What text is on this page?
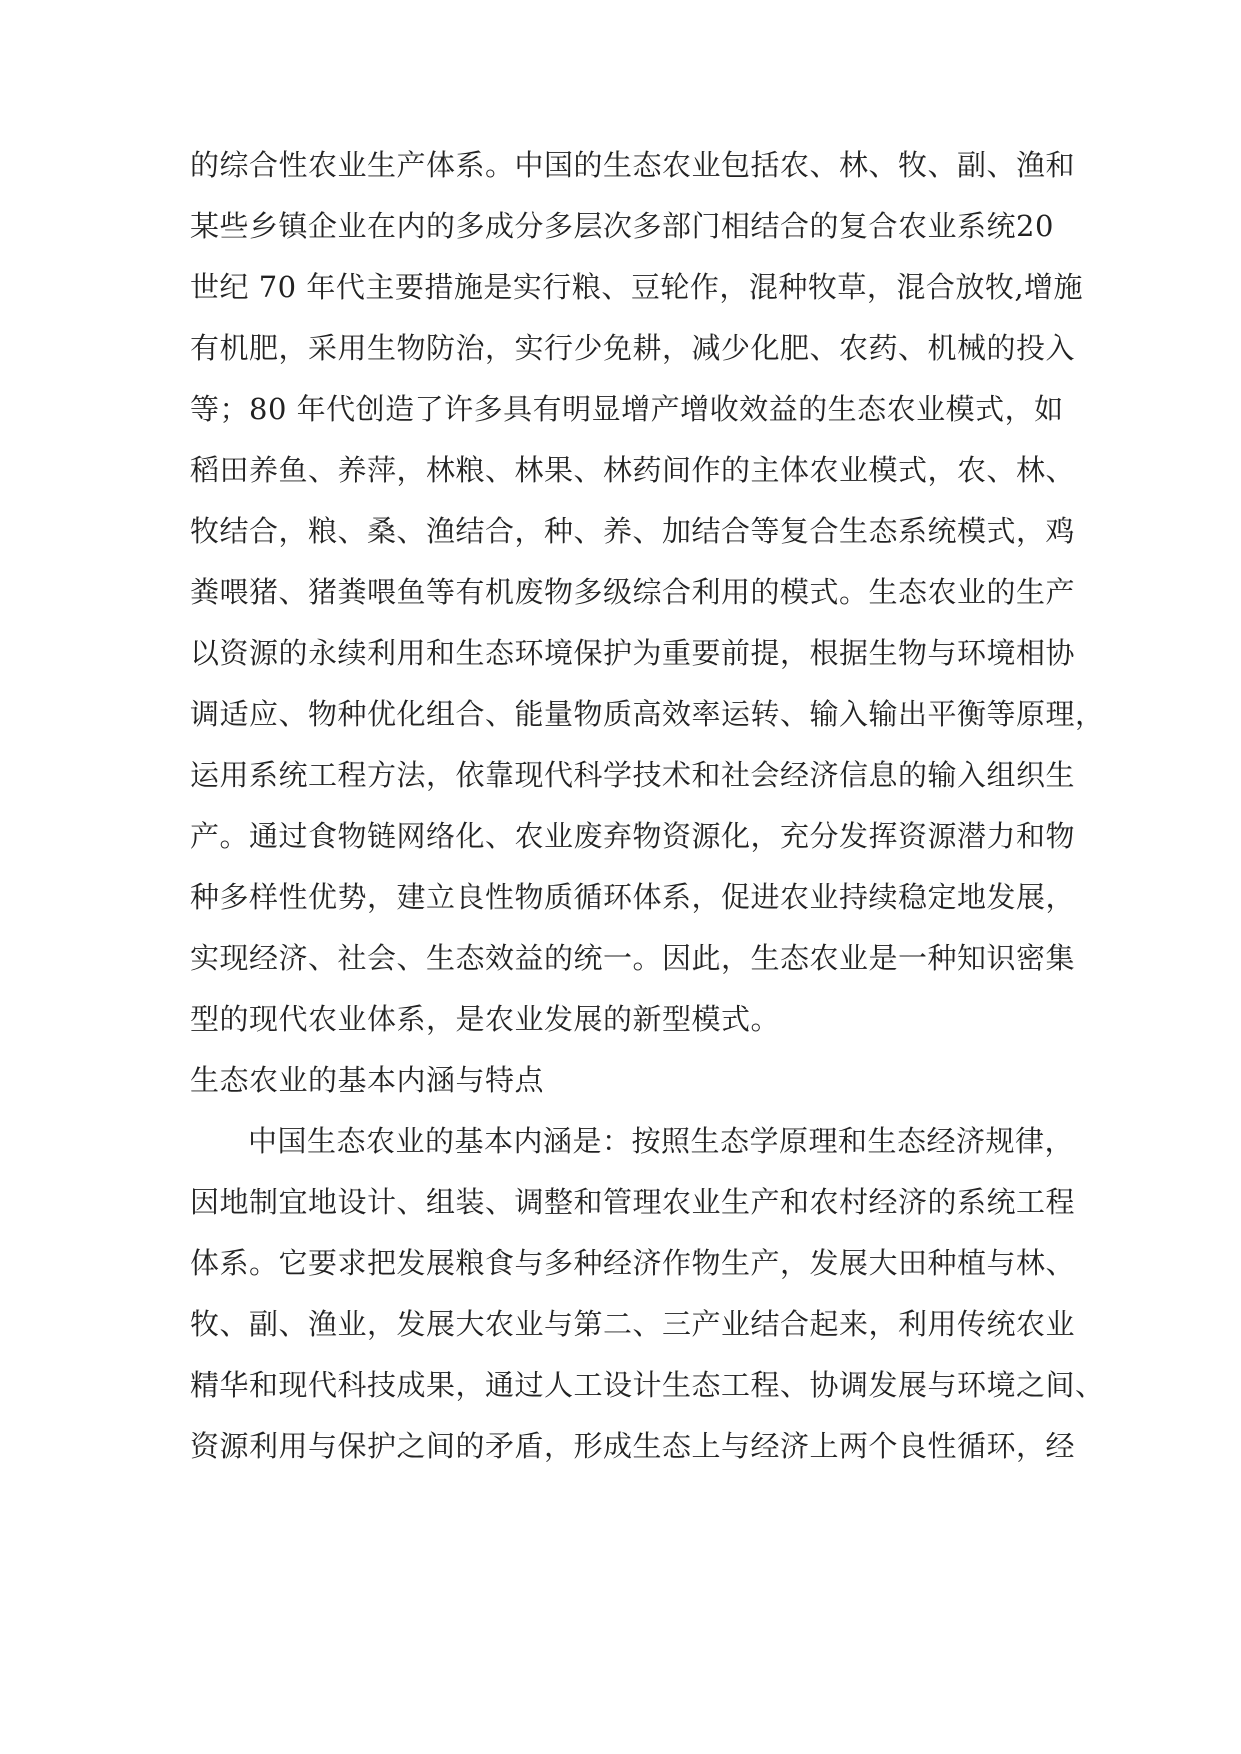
的综合性农业生产体系。中国的生态农业包括农、林、牧、副、渔和
某些乡镇企业在内的多成分多层次多部门相结合的复合农业系统20
世纪 70 年代主要措施是实行粮、豆轮作，混种牧草，混合放牧,增施
有机肥，采用生物防治，实行少免耕，减少化肥、农药、机械的投入
等；80 年代创造了许多具有明显增产增收效益的生态农业模式，如
稻田养鱼、养萍，林粮、林果、林药间作的主体农业模式，农、林、
牧结合，粮、桑、渔结合，种、养、加结合等复合生态系统模式，鸡
粪喂猪、猪粪喂鱼等有机废物多级综合利用的模式。生态农业的生产
以资源的永续利用和生态环境保护为重要前提，根据生物与环境相协
调适应、物种优化组合、能量物质高效率运转、输入输出平衡等原理，
运用系统工程方法，依靠现代科学技术和社会经济信息的输入组织生
产。通过食物链网络化、农业废弃物资源化，充分发挥资源潜力和物
种多样性优势，建立良性物质循环体系，促进农业持续稳定地发展，
实现经济、社会、生态效益的统一。因此，生态农业是一种知识密集
型的现代农业体系，是农业发展的新型模式。
生态农业的基本内涵与特点
中国生态农业的基本内涵是：按照生态学原理和生态经济规律，
因地制宜地设计、组装、调整和管理农业生产和农村经济的系统工程
体系。它要求把发展粮食与多种经济作物生产，发展大田种植与林、
牧、副、渔业，发展大农业与第二、三产业结合起来，利用传统农业
精华和现代科技成果，通过人工设计生态工程、协调发展与环境之间、
资源利用与保护之间的矛盾，形成生态上与经济上两个良性循环，经
